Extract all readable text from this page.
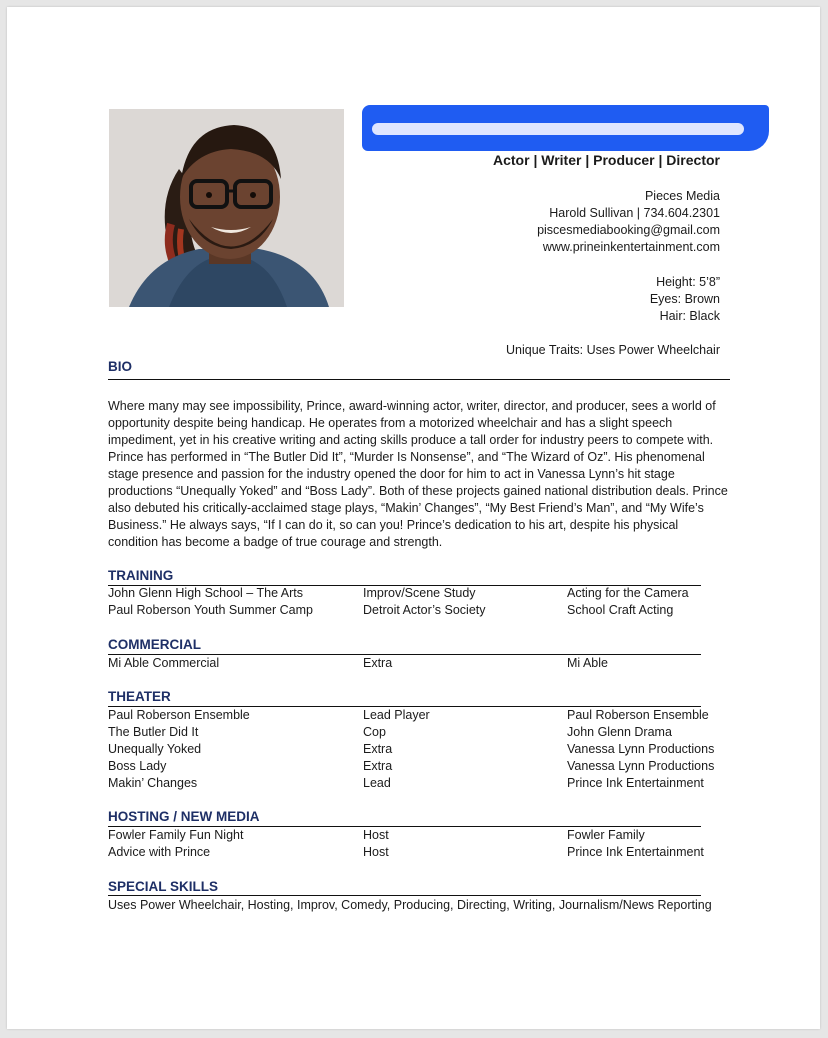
Actor | Writer | Producer | Director
Pieces Media
Harold Sullivan | 734.604.2301
piscesmediabooking@gmail.com
www.prineinkentertainment.com
Height: 5’8”
Eyes: Brown
Hair: Black
Unique Traits: Uses Power Wheelchair
BIO
Where many may see impossibility, Prince, award-winning actor, writer, director, and producer, sees a world of opportunity despite being handicap. He operates from a motorized wheelchair and has a slight speech impediment, yet in his creative writing and acting skills produce a tall order for industry peers to compete with. Prince has performed in “The Butler Did It”, “Murder Is Nonsense”, and “The Wizard of Oz”. His phenomenal stage presence and passion for the industry opened the door for him to act in Vanessa Lynn’s hit stage productions “Unequally Yoked” and “Boss Lady”. Both of these projects gained national distribution deals. Prince also debuted his critically-acclaimed stage plays, “Makin’ Changes”, “My Best Friend’s Man”, and “My Wife’s Business.” He always says, “If I can do it, so can you! Prince’s dedication to his art, despite his physical condition has become a badge of true courage and strength.
TRAINING
John Glenn High School – The Arts	Improv/Scene Study	Acting for the Camera
Paul Roberson Youth Summer Camp	Detroit Actor’s Society	School Craft Acting
COMMERCIAL
Mi Able Commercial	Extra	Mi Able
THEATER
Paul Roberson Ensemble	Lead Player	Paul Roberson Ensemble
The Butler Did It	Cop	John Glenn Drama
Unequally Yoked	Extra	Vanessa Lynn Productions
Boss Lady	Extra	Vanessa Lynn Productions
Makin’ Changes	Lead	Prince Ink Entertainment
HOSTING / NEW MEDIA
Fowler Family Fun Night	Host	Fowler Family
Advice with Prince	Host	Prince Ink Entertainment
SPECIAL SKILLS
Uses Power Wheelchair, Hosting, Improv, Comedy, Producing, Directing, Writing, Journalism/News Reporting
